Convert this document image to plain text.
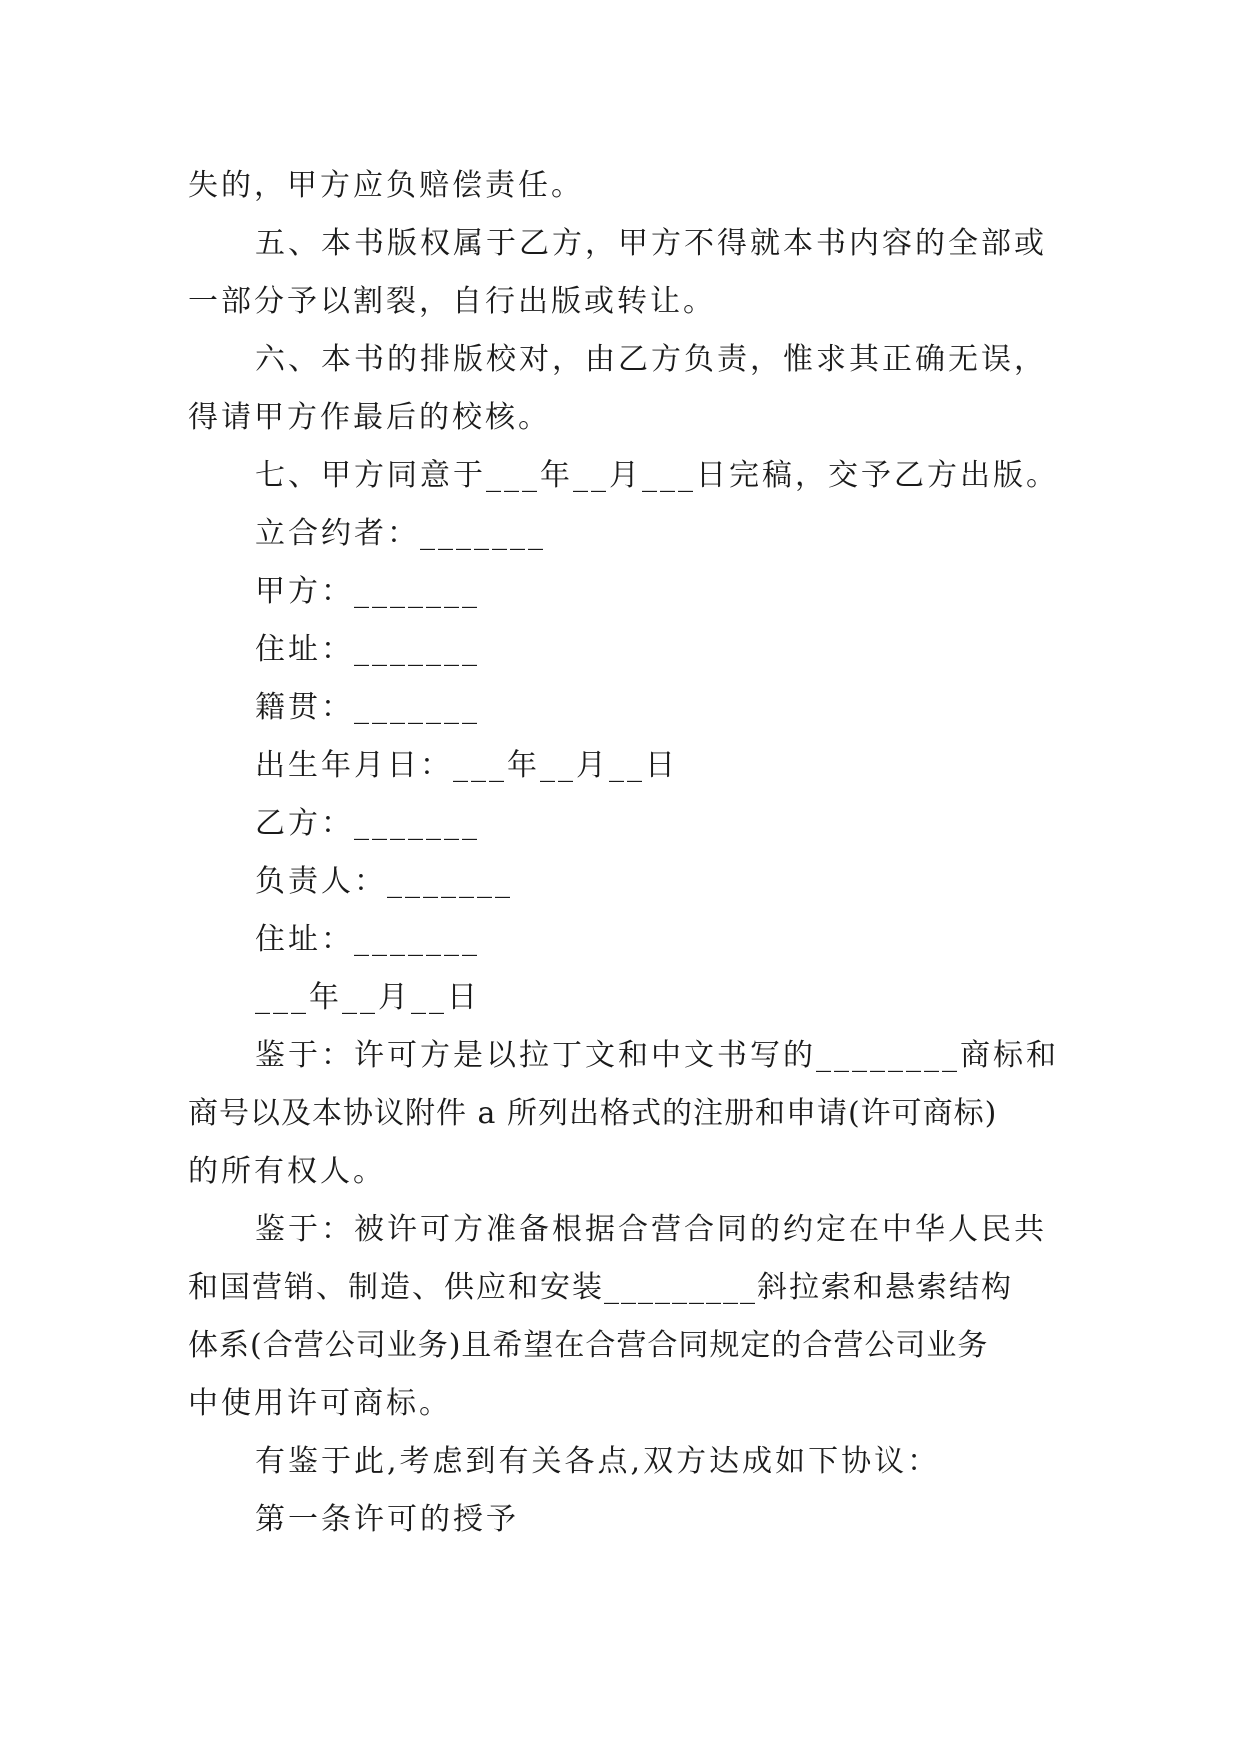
失的，甲方应负赔偿责任。
五、本书版权属于乙方，甲方不得就本书内容的全部或
一部分予以割裂，自行出版或转让。
六、本书的排版校对，由乙方负责，惟求其正确无误，
得请甲方作最后的校核。
七、甲方同意于___年__月___日完稿，交予乙方出版。
立合约者：_______
甲方：_______
住址：_______
籍贯：_______
出生年月日：___年__月__日
乙方：_______
负责人：_______
住址：_______
___年__月__日
鉴于：许可方是以拉丁文和中文书写的________商标和
商号以及本协议附件 a 所列出格式的注册和申请(许可商标)
的所有权人。
鉴于：被许可方准备根据合营合同的约定在中华人民共
和国营销、制造、供应和安装_________斜拉索和悬索结构
体系(合营公司业务)且希望在合营合同规定的合营公司业务
中使用许可商标。
有鉴于此,考虑到有关各点,双方达成如下协议：
第一条许可的授予
